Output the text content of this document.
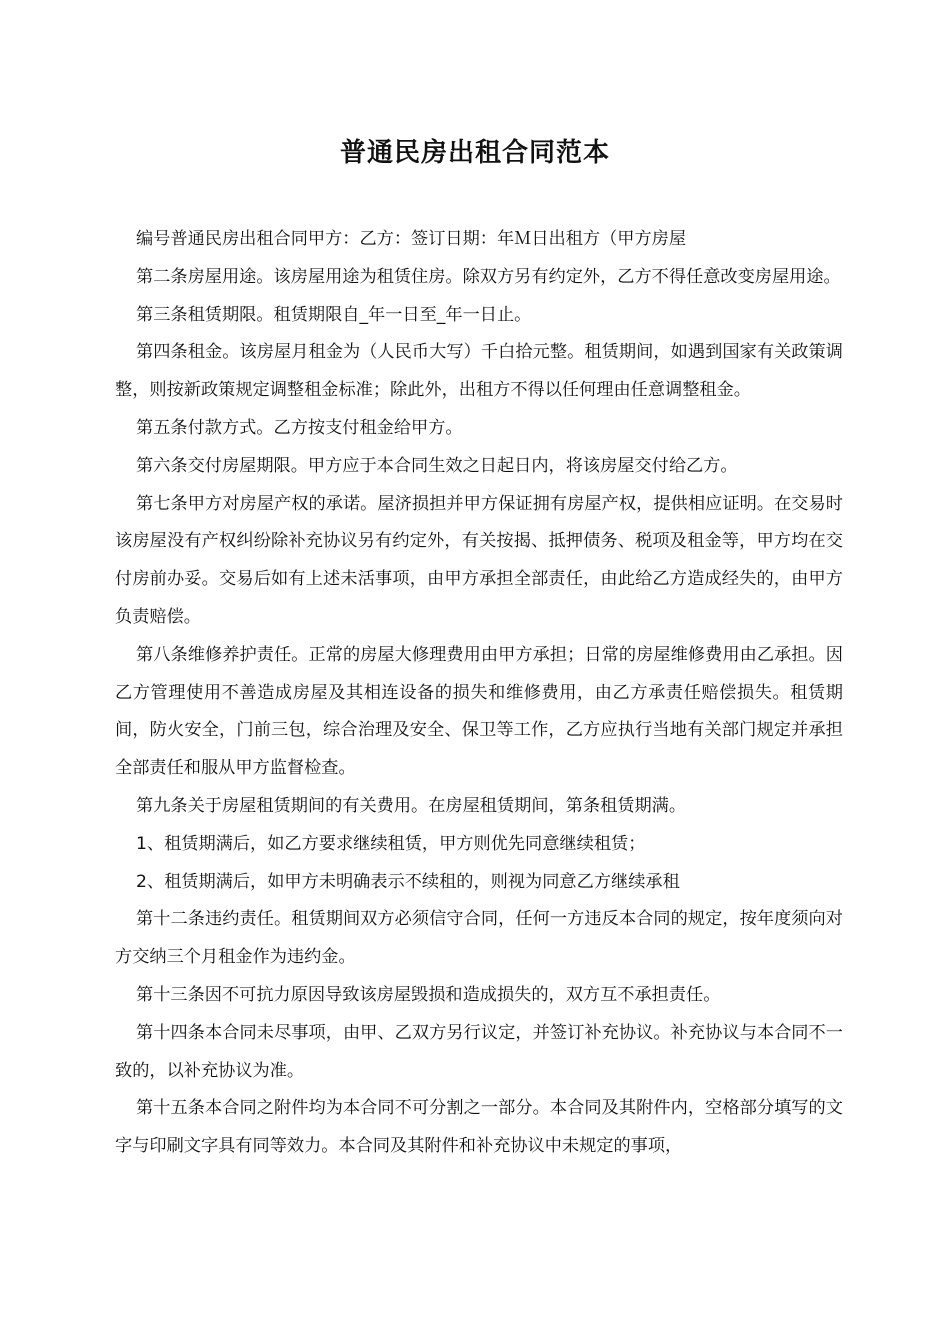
普通民房出租合同范本

编号普通民房出租合同甲方：乙方：签订日期：年Ｍ日出租方（甲方房屋

第二条房屋用途。该房屋用途为租赁住房。除双方另有约定外，乙方不得任意改变房屋用途。

第三条租赁期限。租赁期限自_年一日至_年一日止。

第四条租金。该房屋月租金为（人民币大写）千白拾元整。租赁期间，如遇到国家有关政策调整，则按新政策规定调整租金标准；除此外，出租方不得以任何理由任意调整租金。

第五条付款方式。乙方按支付租金给甲方。

第六条交付房屋期限。甲方应于本合同生效之日起日内，将该房屋交付给乙方。

第七条甲方对房屋产权的承诺。屋济损担并甲方保证拥有房屋产权，提供相应证明。在交易时该房屋没有产权纠纷除补充协议另有约定外，有关按揭、抵押债务、税项及租金等，甲方均在交付房前办妥。交易后如有上述未活事项，由甲方承担全部责任，由此给乙方造成经失的，由甲方负责赔偿。

第八条维修养护责任。正常的房屋大修理费用由甲方承担；日常的房屋维修费用由乙承担。因乙方管理使用不善造成房屋及其相连设备的损失和维修费用，由乙方承责任赔偿损失。租赁期间，防火安全，门前三包，综合治理及安全、保卫等工作，乙方应执行当地有关部门规定并承担全部责任和服从甲方监督检查。

第九条关于房屋租赁期间的有关费用。在房屋租赁期间，第条租赁期满。

1、租赁期满后，如乙方要求继续租赁，甲方则优先同意继续租赁；

2、租赁期满后，如甲方未明确表示不续租的，则视为同意乙方继续承租

第十二条违约责任。租赁期间双方必须信守合同，任何一方违反本合同的规定，按年度须向对方交纳三个月租金作为违约金。

第十三条因不可抗力原因导致该房屋毁损和造成损失的，双方互不承担责任。

第十四条本合同未尽事项，由甲、乙双方另行议定，并签订补充协议。补充协议与本合同不一致的，以补充协议为准。

第十五条本合同之附件均为本合同不可分割之一部分。本合同及其附件内，空格部分填写的文字与印刷文字具有同等效力。本合同及其附件和补充协议中未规定的事项，
